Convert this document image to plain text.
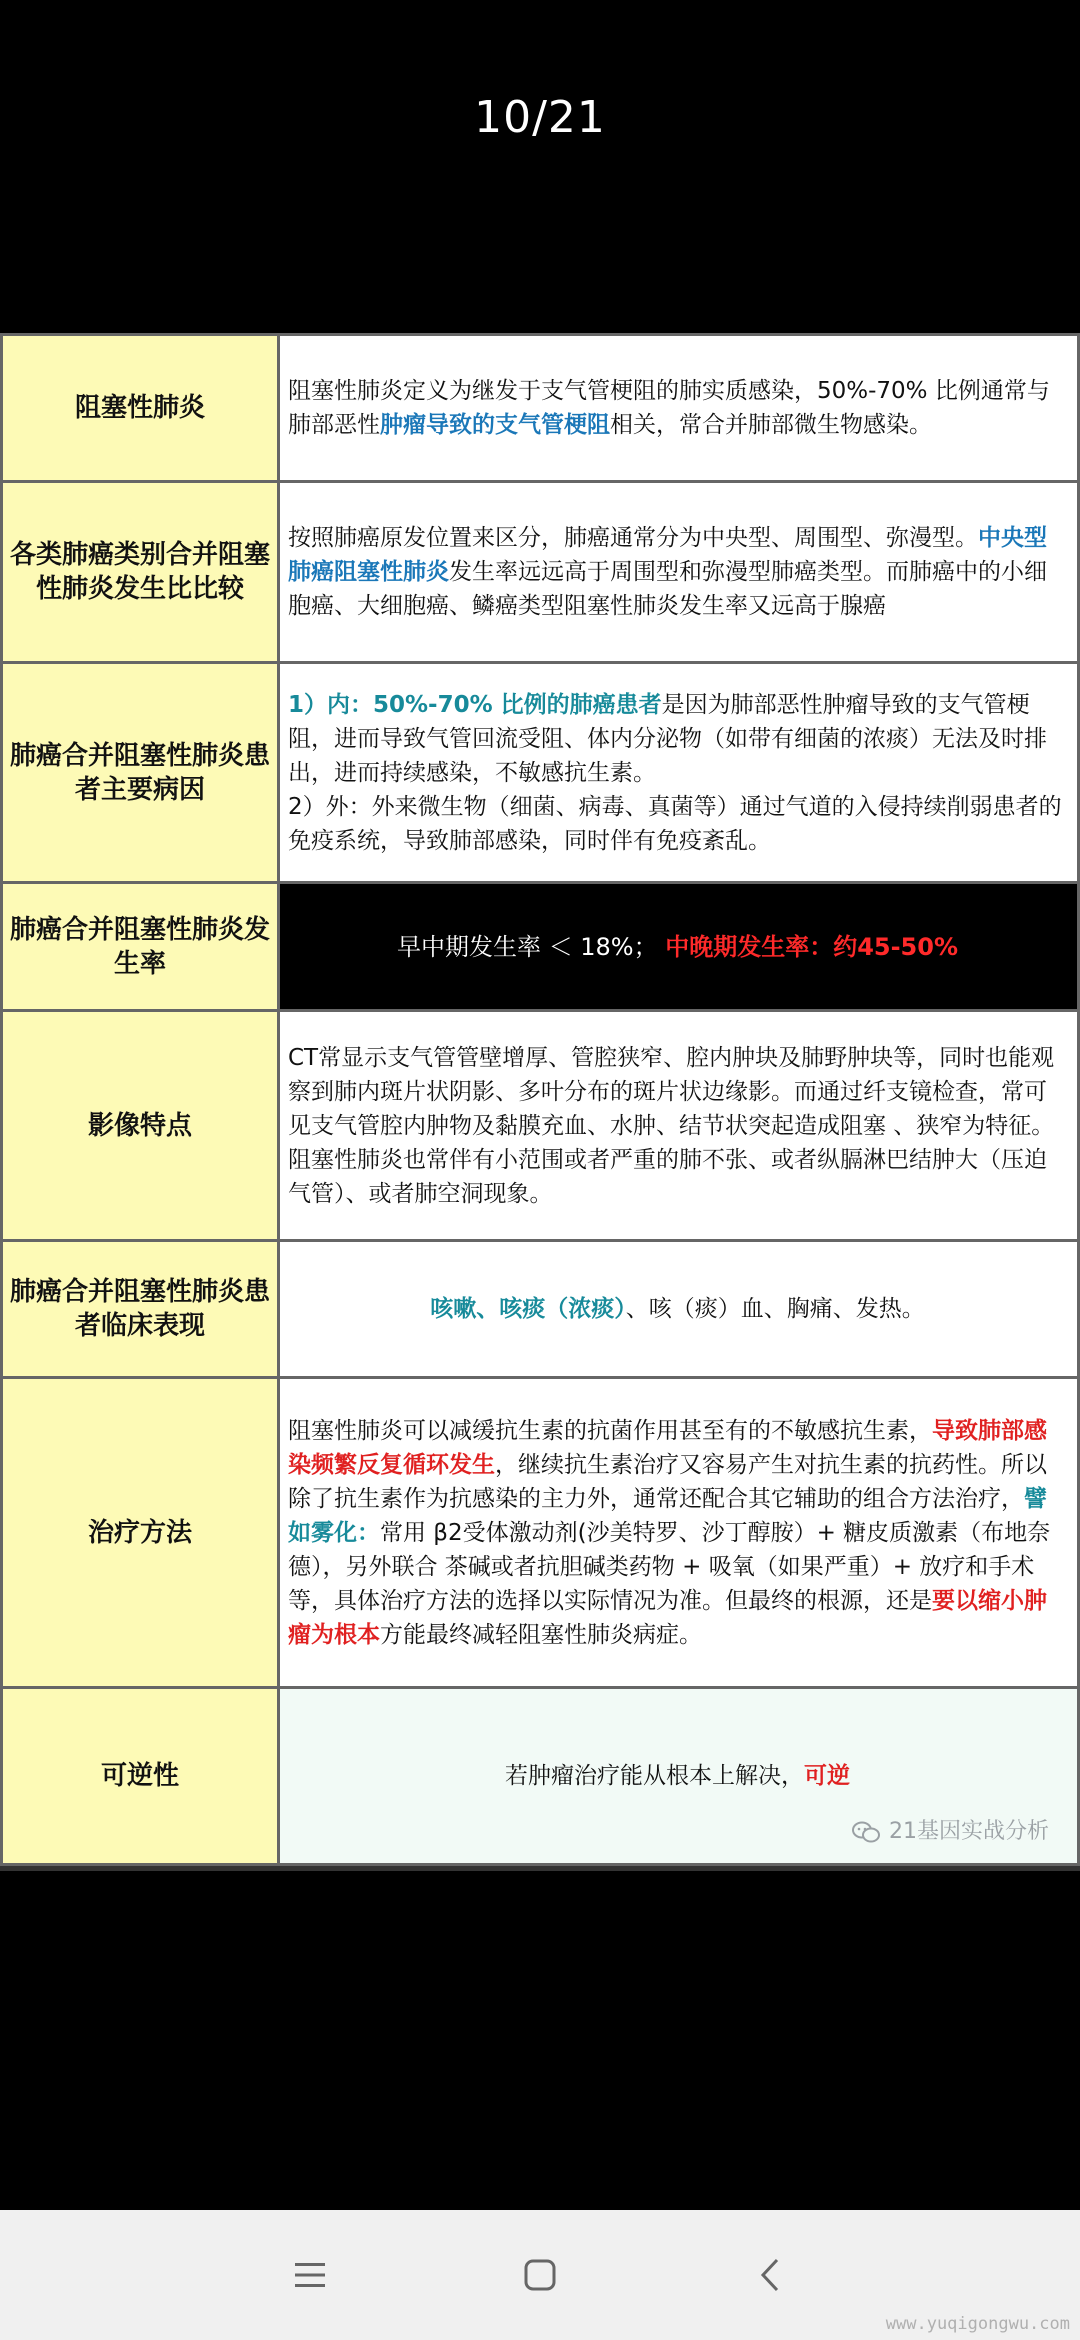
10/21
阻塞性肺炎	阻塞性肺炎定义为继发于支气管梗阻的肺实质感染，50%-70% 比例通常与肺部恶性肿瘤导致的支气管梗阻相关，常合并肺部微生物感染。
各类肺癌类别合并阻塞性肺炎发生比比较	按照肺癌原发位置来区分，肺癌通常分为中央型、周围型、弥漫型。中央型肺癌阻塞性肺炎发生率远远高于周围型和弥漫型肺癌类型。而肺癌中的小细胞癌、大细胞癌、鳞癌类型阻塞性肺炎发生率又远高于腺癌
肺癌合并阻塞性肺炎患者主要病因	1）内：50%-70% 比例的肺癌患者是因为肺部恶性肿瘤导致的支气管梗阻，进而导致气管回流受阻、体内分泌物（如带有细菌的浓痰）无法及时排出，进而持续感染，不敏感抗生素。
2）外：外来微生物（细菌、病毒、真菌等）通过气道的入侵持续削弱患者的免疫系统，导致肺部感染，同时伴有免疫紊乱。
肺癌合并阻塞性肺炎发生率	早中期发生率 ＜ 18%； 中晚期发生率：约45-50%
影像特点	CT常显示支气管管壁增厚、管腔狭窄、腔内肿块及肺野肿块等，同时也能观察到肺内斑片状阴影、多叶分布的斑片状边缘影。而通过纤支镜检查，常可见支气管腔内肿物及黏膜充血、水肿、结节状突起造成阻塞 、狭窄为特征。阻塞性肺炎也常伴有小范围或者严重的肺不张、或者纵膈淋巴结肿大（压迫气管）、或者肺空洞现象。
肺癌合并阻塞性肺炎患者临床表现	咳嗽、咳痰（浓痰）、咳（痰）血、胸痛、发热。
治疗方法	阻塞性肺炎可以减缓抗生素的抗菌作用甚至有的不敏感抗生素，导致肺部感染频繁反复循环发生，继续抗生素治疗又容易产生对抗生素的抗药性。所以除了抗生素作为抗感染的主力外，通常还配合其它辅助的组合方法治疗，譬如雾化：常用 β2受体激动剂(沙美特罗、沙丁醇胺）+ 糖皮质激素（布地奈德），另外联合 茶碱或者抗胆碱类药物 + 吸氧（如果严重）+ 放疗和手术等，具体治疗方法的选择以实际情况为准。但最终的根源，还是要以缩小肿瘤为根本方能最终减轻阻塞性肺炎病症。
可逆性	若肿瘤治疗能从根本上解决，可逆
21基因实战分析
www.yuqigongwu.com
